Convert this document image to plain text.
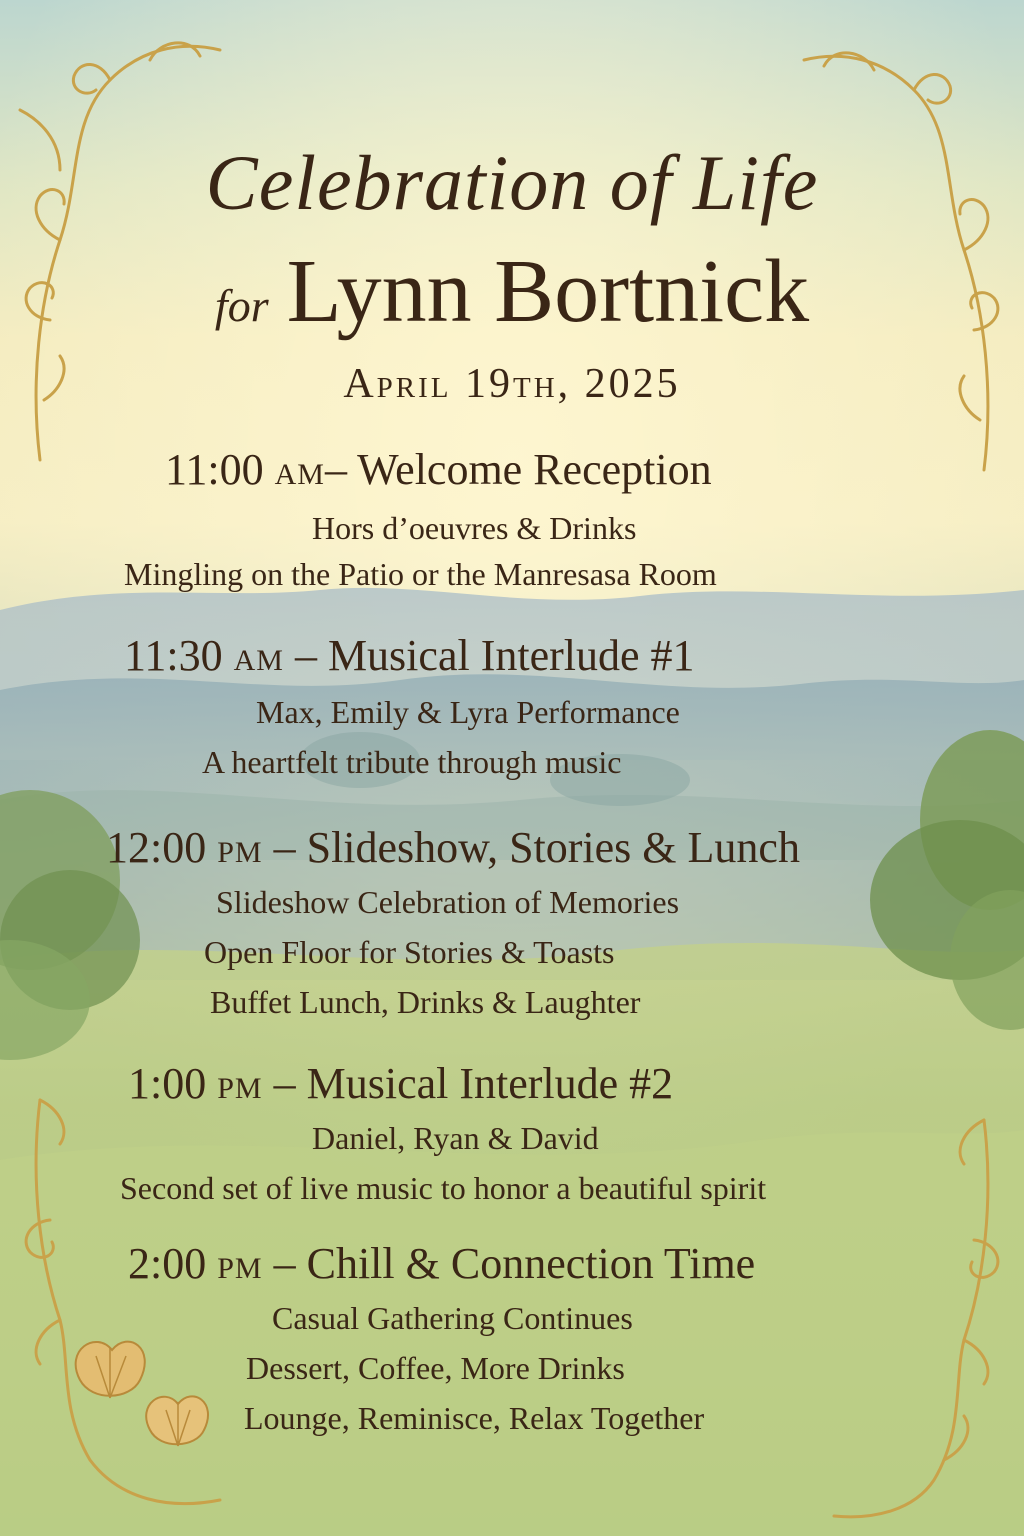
Celebration of Life
for Lynn Bortnick
April 19th, 2025
11:00 AM– Welcome Reception
Hors d’oeuvres & Drinks
Mingling on the Patio or the Manresasa Room
11:30 AM – Musical Interlude #1
Max, Emily & Lyra Performance
A heartfelt tribute through music
12:00 PM – Slideshow, Stories & Lunch
Slideshow Celebration of Memories
Open Floor for Stories & Toasts
Buffet Lunch, Drinks & Laughter
1:00 PM – Musical Interlude #2
Daniel, Ryan & David
Second set of live music to honor a beautiful spirit
2:00 PM – Chill & Connection Time
Casual Gathering Continues
Dessert, Coffee, More Drinks
Lounge, Reminisce, Relax Together
